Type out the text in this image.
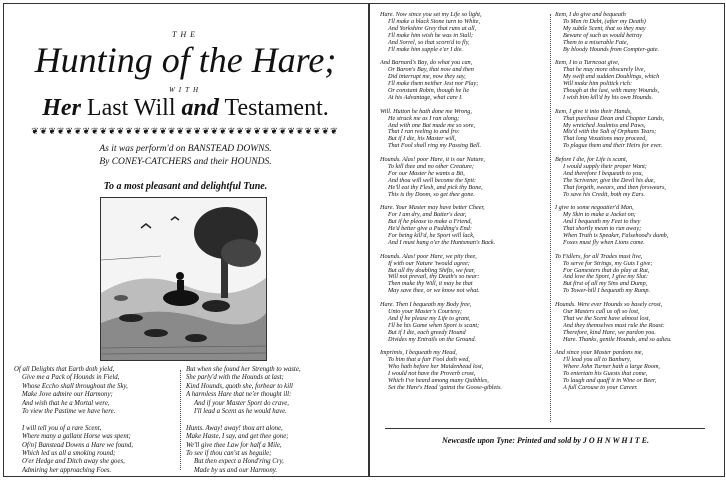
THE
Hunting of the Hare;
WITH
Her Last Will and Testament.
❦❦❦❦❦❦❦❦❦❦❦❦❦❦❦❦❦❦❦❦❦❦❦❦❦❦❦❦❦❦❦❦❦❦❦❦
As it was perform'd on BANSTEAD DOWNS.
By CONEY-CATCHERS and their HOUNDS.
To a most pleasant and delightful Tune.
Of all Delights that Earth doth yield,
Give me a Pack of Hounds in Field,
Whose Eccho shall throughout the Sky,
Make Jove admire our Harmony;
And wish that he a Mortal were,
To view the Pastime we have here.

I will tell you of a rare Scent,
Where many a gallant Horse was spent;
Of/n] Banstead Downs a Hare we found,
Which led us all a smoking round;
O'er Hedge and Ditch away she goes,
Admiring her approaching Foes.
But when she found her Strength to waste,
She parly'd with the Hounds at last;
Kind Hounds, quoth she, forbear to kill
A harmless Hare that ne'er thought ill:
And if your Master Sport do crave,
I'll lead a Scent as he would have.

Hunts. Away! away! thou art alone,
Make Haste, I say, and get thee gone;
We'll give thee Law for half a Mile,
To see if thou can'st us beguile;
But then expect a Hond'ring Cry,
Made by us and our Harmony.
Hare. Now since you set my Life so light,
I'll make a black Stone turn to White,
And Yorkshire Grey that runs at all,
I'll make him wish he was in Stall;
And Sorrel, so that scorn'd to fly,
I'll make him supple e'er I die.

And Barnard's Bay, do what you can,
Or Baron's Bay, that now and then
Did interrupt me, now they say,
I'll make them neither Jest nor Play;
Or constant Robin, though he lie
At his Advantage, what care I.

Will. Hutton he hath done me Wrong,
He struck me as I ran along;
And with one Bat made me so sore,
That I ran reeling to and fro:
But if I die, his Master will,
That Fool shall ring my Passing Bell.

Hounds. Alas! poor Hare, it is our Nature,
To kill thee and no other Creature;
For our Master he wants a Bit,
And thou will well become the Spit:
He'll eat thy Flesh, and pick thy Bone,
This is thy Doom, so get thee gone.

Hare. Your Master may have better Cheer,
For I am dry, and Butter's dear,
But if he please to make a Friend,
He'd better give a Pudding's End:
For being kill'd, he Sport will lack,
And I must hang o'er the Huntsman's Back.

Hounds. Alas! poor Hare, we pity thee,
If with our Nature 'twould agree;
But all thy doubling Shifts, we fear,
Will not prevail, thy Death's so near:
Then make thy Will, it may be that
May save thee, or we know not what.

Hare. Then I bequeath my Body free,
Unto your Master's Courtesy;
And if he please my Life to grant,
I'll be his Game when Sport is scant;
But if I die, each greedy Hound
Divides my Entrails on the Ground.

Imprimis, I bequeath my Head,
To him that a fair Fool doth wed,
Who hath before her Maidenhead lost,
I would not have the Proverb crost,
Which I've heard among many Quibbles,
Set the Hare's Head 'gainst the Goose-giblets.
Item, I do give and bequeath
To Men in Debt, (after my Death)
My subtle Scent, that so they may
Beware of such as would betray
Them to a miserable Fate,
By bloody Hounds from Compter-gate.

Item, I to a Turncoat give,
That he may more obscurely live,
My swift and sudden Doublings, which
Will make him politick rich:
Though at the last, with many Wounds,
I wish him kill'd by his own Hounds.

Item, I give it into their Hands,
That purchase Dean and Chapter Lands,
My wretched Joulmiss and Paws,
Mix'd with the Salt of Orphans Tears;
That long Vexations may proceed,
To plague them and their Heirs for ever.

Before I die, for Life is scant,
I would supply their proper Want;
And therefore I bequeath to you,
The Scrivener, give the Devil his due,
That forgeth, swears, and then forswears,
To save his Credit, both my Ears.

I give to some negoatier'd Man,
My Skin to make a Jacket on;
And I bequeath my Feet to they
That shortly mean to run away;
When Truth is Speaker, Falsehood's dumb,
Foxes must fly when Lions come.

To Fidlers, for all Trades must live,
To serve for Strings, my Guts I give;
For Gamesters that do play at Rut,
And love the Sport, I give my Slut:
But first of all my Sins and Dump,
To Tower-hill I bequeath my Rump.

Hounds. Were ever Hounds so basely crost,
Our Masters call us oft so lost,
That we the Scent have almost lost,
And they themselves must rule the Roast:
Therefore, kind Hare, we pardon you.
Hare. Thanks, gentle Hounds, and so adieu.

And since your Master pardons me,
I'll lead you all to Banbury,
Where John Turner hath a large Room,
To entertain his Guests that come,
To laugh and quaff it in Wine or Beer,
A full Carouse to your Career.
Newcastle upon Tyne: Printed and sold by J O H N W H I T E.
